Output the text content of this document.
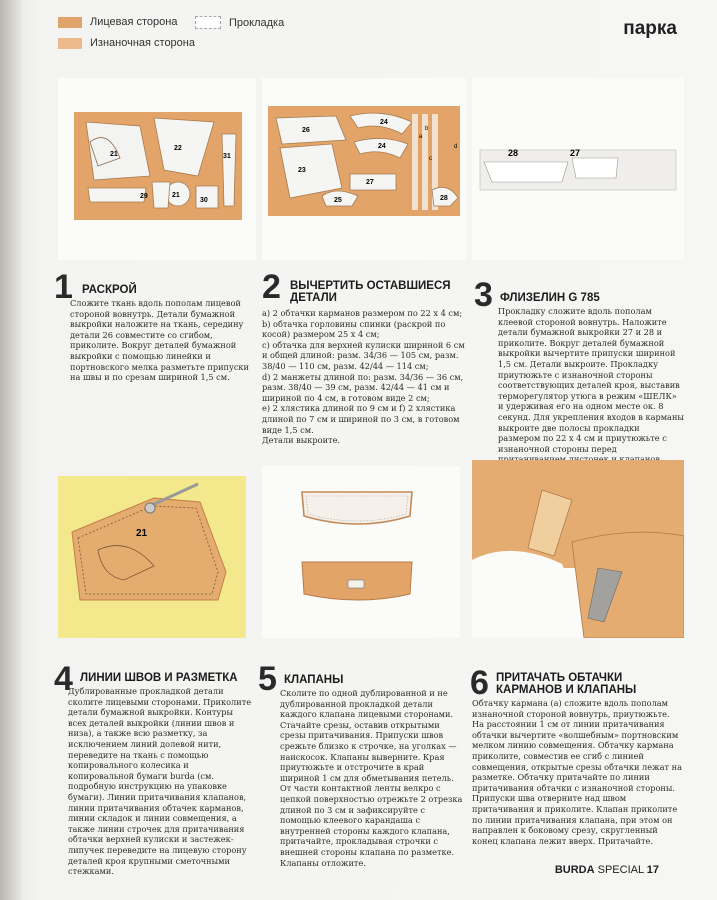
Лицевая сторона
Изнаночная сторона
Прокладка	парка
21
22
31
29	21
30
26
24
24
23
27
25	28
a
b
c
d
28	27
1 РАСКРОЙ
Сложите ткань вдоль пополам лицевой стороной вовнутрь. Детали бумажной выкройки наложите на ткань, середину детали 26 совместите со сгибом, приколите. Вокруг деталей бумажной выкройки с помощью линейки и портновского мелка разметьте припуски на швы и по срезам шириной 1,5 см.
2 ВЫЧЕРТИТЬ ОСТАВШИЕСЯ ДЕТАЛИ
а) 2 обтачки карманов размером по 22 x 4 см;
b) обтачка горловины спинки (раскрой по косой) размером 25 x 4 см;
с) обтачка для верхней кулиски шириной 6 см и общей длиной: разм. 34/36 — 105 см, разм. 38/40 — 110 см, разм. 42/44 — 114 см;
d) 2 манжеты длиной по: разм. 34/36 — 36 см, разм. 38/40 — 39 см, разм. 42/44 — 41 см и шириной по 4 см, в готовом виде 2 см;
e) 2 хлястика длиной по 9 см и f) 2 хлястика длиной по 7 см и шириной по 3 см, в готовом виде 1,5 см.
Детали выкроите.
3 ФЛИЗЕЛИН G 785
Прокладку сложите вдоль пополам клеевой стороной вовнутрь. Наложите детали бумажной выкройки 27 и 28 и приколите. Вокруг деталей бумажной выкройки вычертите припуски шириной 1,5 см. Детали выкроите. Прокладку приутюжьте с изнаночной стороны соответствующих деталей кроя, выставив терморегулятор утюга в режим «ШЕЛК» и удерживая его на одном месте ок. 8 секунд. Для укрепления входов в карманы выкроите две полосы прокладки размером по 22 x 4 см и приутюжьте с изнаночной стороны перед
21
4 ЛИНИИ ШВОВ И РАЗМЕТКА
Дублированные прокладкой детали сколите лицевыми сторонами. Приколите детали бумажной выкройки. Контуры всех деталей выкройки (линии швов и низа), а также всю разметку, за исключением линий долевой нити, переведите на ткань с помощью копировального колесика и копировальной бумаги burda (см. подробную инструкцию на упаковке бумаги). Линии притачивания клапанов, линии притачивания обтачек карманов, линии складок и линии совмещения, а также линии строчек для притачивания обтачки верхней кулиски и застежек-липучек переведите на лицевую сторону деталей кроя крупными сметочными стежками.
5 КЛАПАНЫ
Сколите по одной дублированной и не дублированной прокладкой детали каждого клапана лицевыми сторонами. Стачайте срезы, оставив открытыми срезы притачивания. Припуски швов срежьте близко к строчке, на уголках — наискосок. Клапаны выверните. Края приутюжьте и отстрочите в край шириной 1 см для обметывания петель. От части контактной ленты велкро с цепкой поверхностью отрежьте 2 отрезка длиной по 3 см и зафиксируйте с помощью клеевого карандаша с внутренней стороны каждого клапана, притачайте, прокладывая строчки с внешней стороны клапана по разметке. Клапаны отложите.
6 ПРИТАЧАТЬ ОБТАЧКИ КАРМАНОВ И КЛАПАНЫ
Обтачку кармана (а) сложите вдоль пополам изнаночной стороной вовнутрь, приутюжьте. На расстоянии 1 см от линии притачивания обтачки вычертите «волшебным» портновским мелком линию совмещения. Обтачку кармана приколите, совместив ее сгиб с линией совмещения, открытые срезы обтачки лежат на разметке. Обтачку притачайте по линии притачивания обтачки с изнаночной стороны. Припуски шва отверните над швом притачивания и приколите. Клапан приколите по линии притачивания клапана, при этом он направлен к боковому срезу, скругленный конец клапана лежит вверх. Притачайте.
BURDA SPECIAL 17
